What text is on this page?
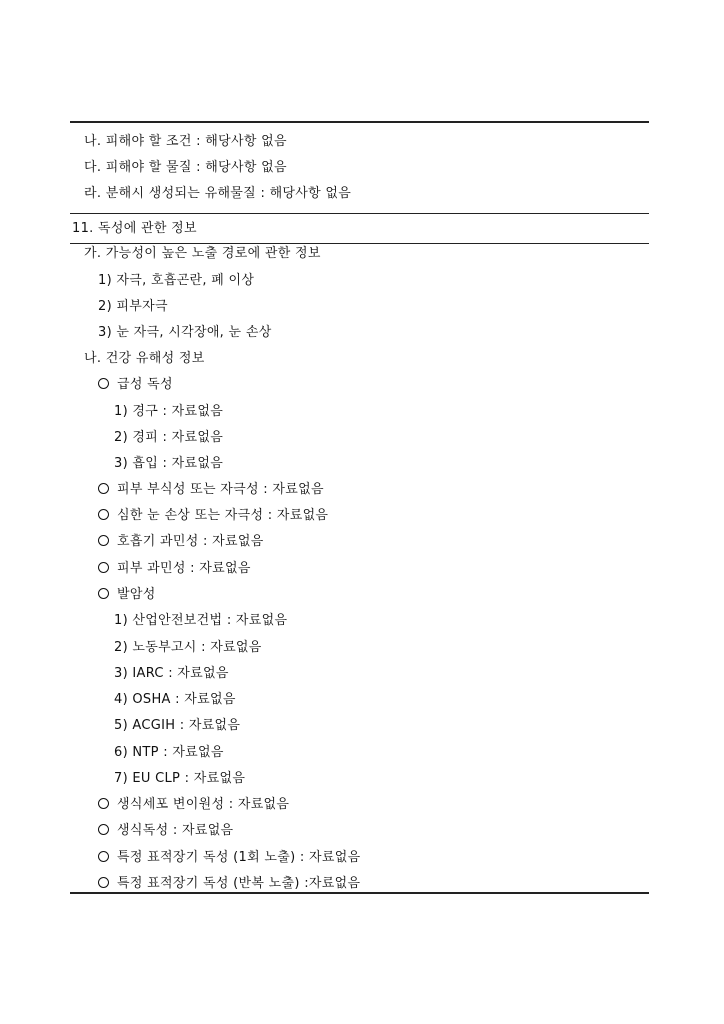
나. 피해야 할 조건 : 해당사항 없음
다. 피해야 할 물질 : 해당사항 없음
라. 분해시 생성되는 유해물질 : 해당사항 없음
11. 독성에 관한 정보
가. 가능성이 높은 노출 경로에 관한 정보
1) 자극, 호흡곤란, 폐 이상
2) 피부자극
3) 눈 자극, 시각장애, 눈 손상
나. 건강 유해성 정보
급성 독성
1) 경구 : 자료없음
2) 경피 : 자료없음
3) 흡입 : 자료없음
피부 부식성 또는 자극성 : 자료없음
심한 눈 손상 또는 자극성 : 자료없음
호흡기 과민성 : 자료없음
피부 과민성 : 자료없음
발암성
1) 산업안전보건법 : 자료없음
2) 노동부고시 : 자료없음
3) IARC : 자료없음
4) OSHA : 자료없음
5) ACGIH : 자료없음
6) NTP : 자료없음
7) EU CLP : 자료없음
생식세포 변이원성 : 자료없음
생식독성 : 자료없음
특정 표적장기 독성 (1회 노출) : 자료없음
특정 표적장기 독성 (반복 노출) :자료없음
